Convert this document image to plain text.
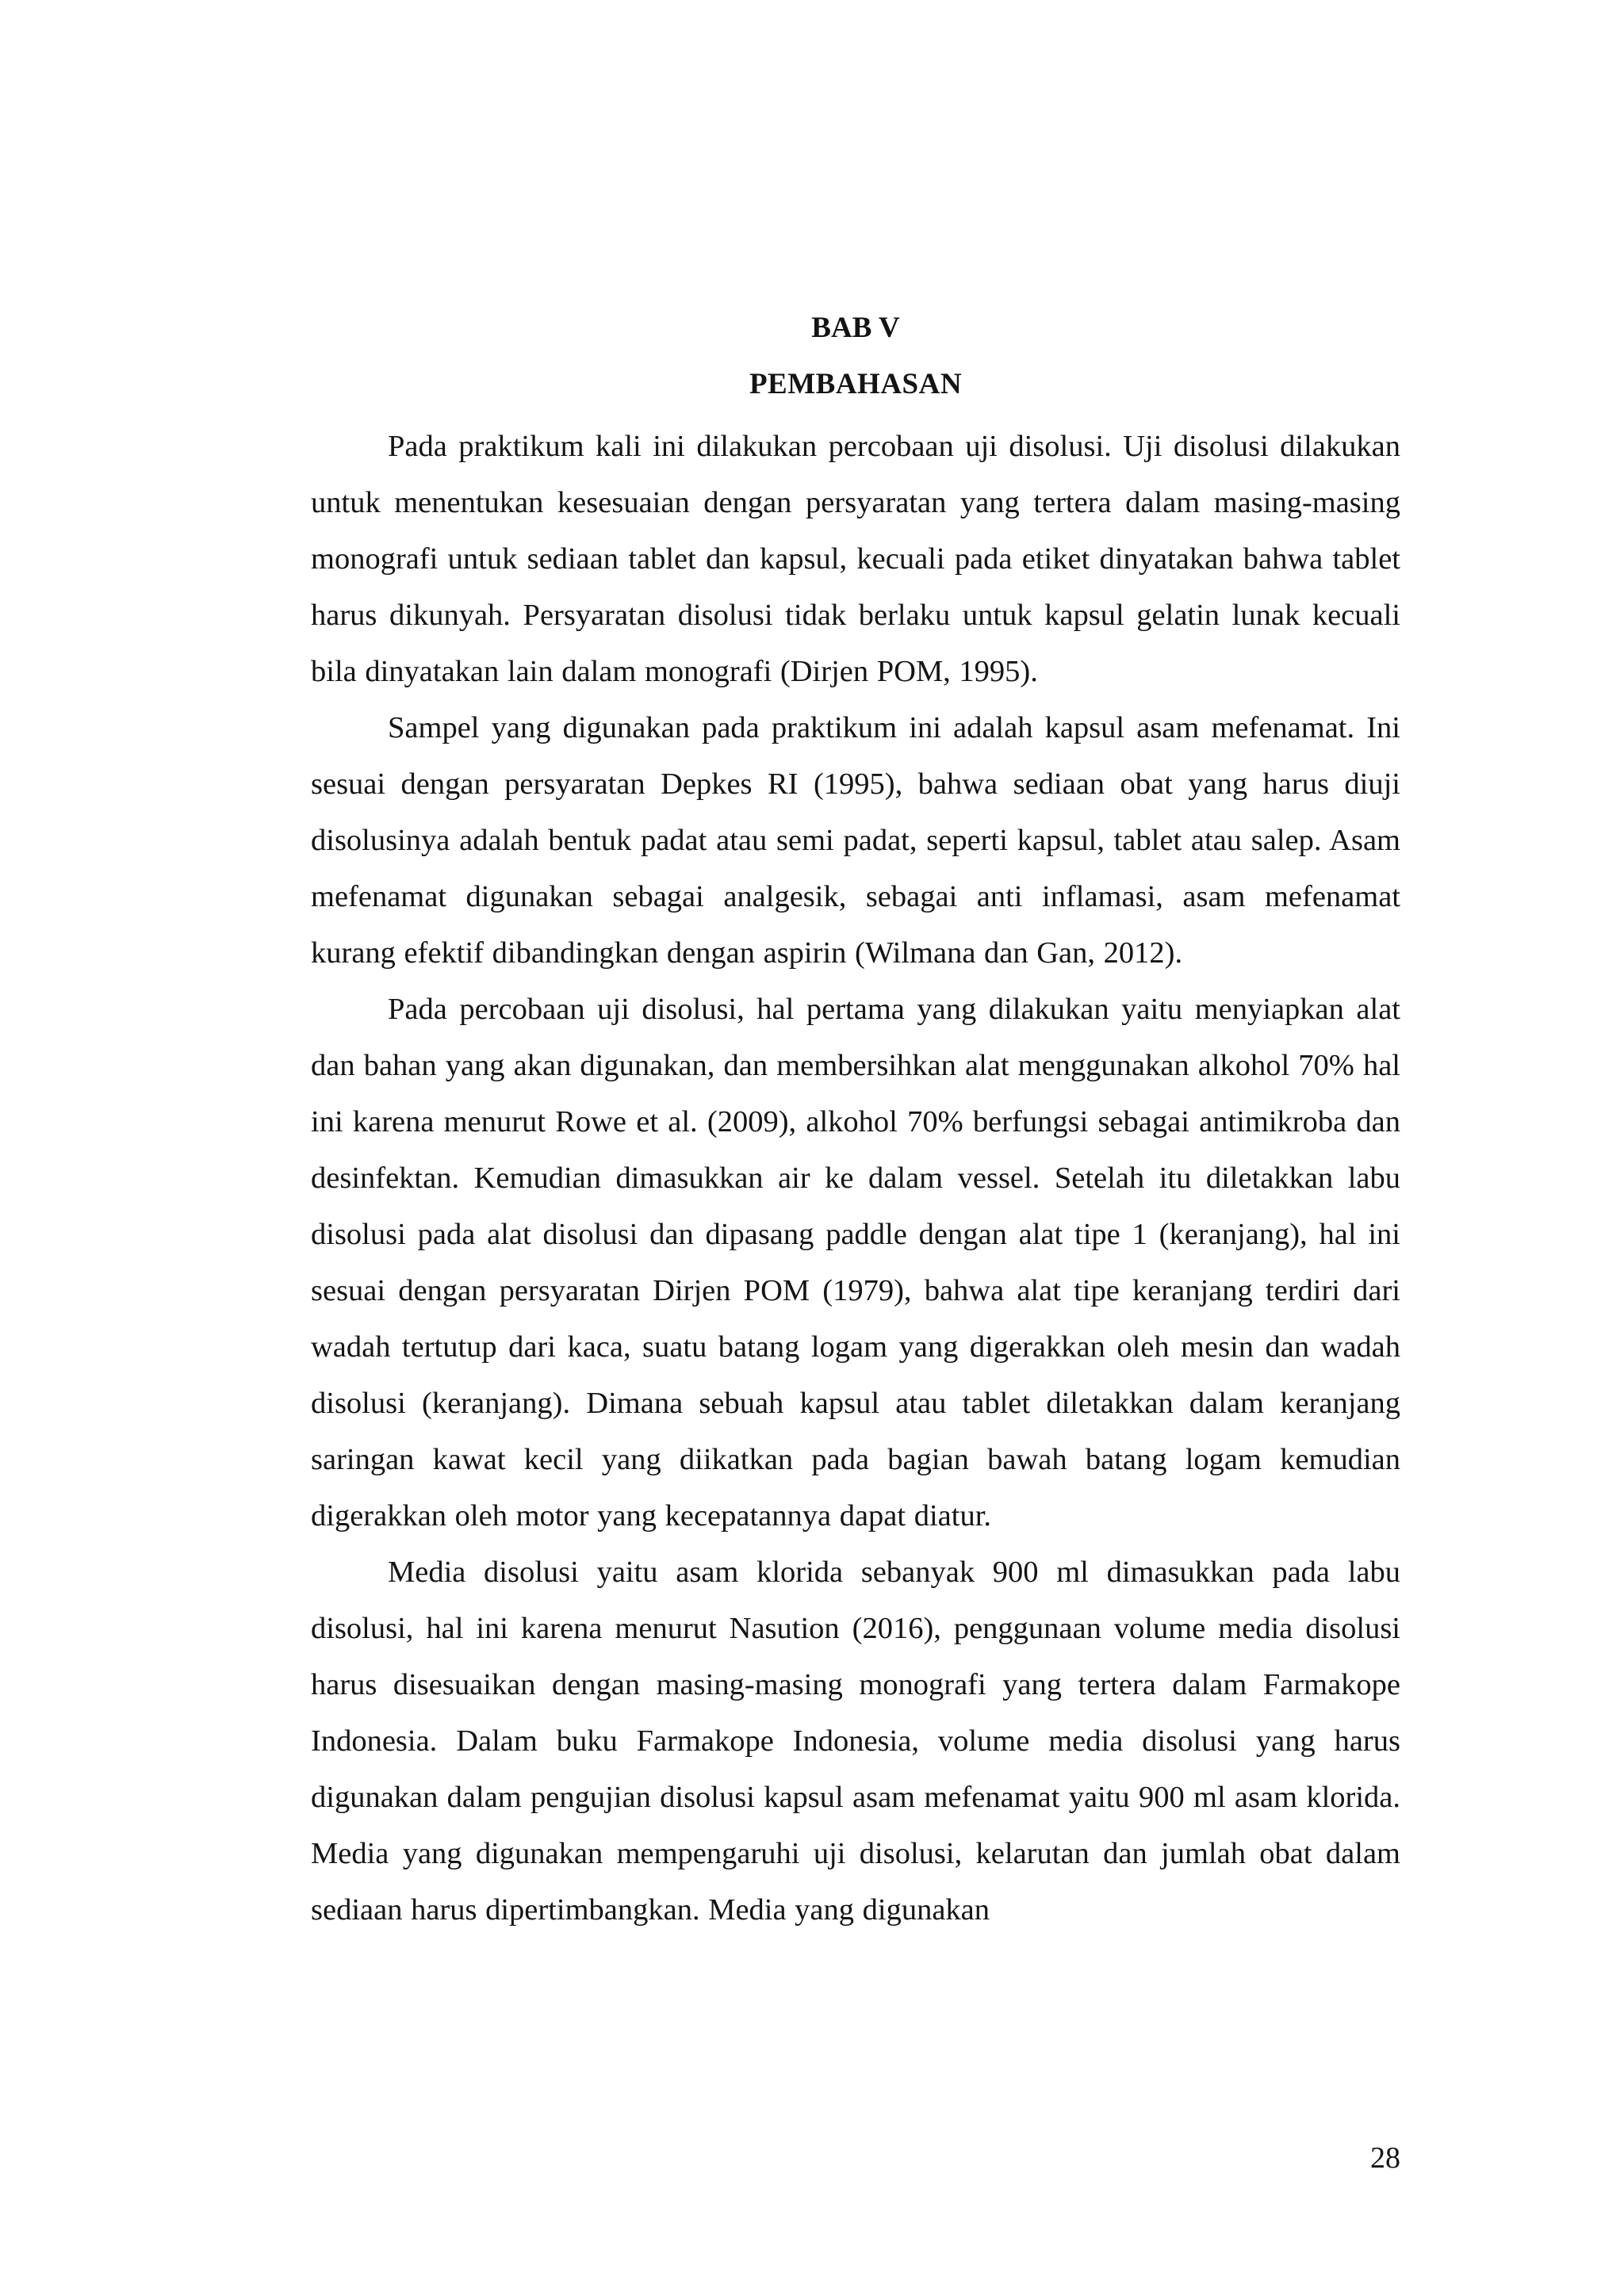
BAB V
PEMBAHASAN

Pada praktikum kali ini dilakukan percobaan uji disolusi. Uji disolusi dilakukan untuk menentukan kesesuaian dengan persyaratan yang tertera dalam masing-masing monografi untuk sediaan tablet dan kapsul, kecuali pada etiket dinyatakan bahwa tablet harus dikunyah. Persyaratan disolusi tidak berlaku untuk kapsul gelatin lunak kecuali bila dinyatakan lain dalam monografi (Dirjen POM, 1995).

Sampel yang digunakan pada praktikum ini adalah kapsul asam mefenamat. Ini sesuai dengan persyaratan Depkes RI (1995), bahwa sediaan obat yang harus diuji disolusinya adalah bentuk padat atau semi padat, seperti kapsul, tablet atau salep. Asam mefenamat digunakan sebagai analgesik, sebagai anti inflamasi, asam mefenamat kurang efektif dibandingkan dengan aspirin (Wilmana dan Gan, 2012).

Pada percobaan uji disolusi, hal pertama yang dilakukan yaitu menyiapkan alat dan bahan yang akan digunakan, dan membersihkan alat menggunakan alkohol 70% hal ini karena menurut Rowe et al. (2009), alkohol 70% berfungsi sebagai antimikroba dan desinfektan. Kemudian dimasukkan air ke dalam vessel. Setelah itu diletakkan labu disolusi pada alat disolusi dan dipasang paddle dengan alat tipe 1 (keranjang), hal ini sesuai dengan persyaratan Dirjen POM (1979), bahwa alat tipe keranjang terdiri dari wadah tertutup dari kaca, suatu batang logam yang digerakkan oleh mesin dan wadah disolusi (keranjang). Dimana sebuah kapsul atau tablet diletakkan dalam keranjang saringan kawat kecil yang diikatkan pada bagian bawah batang logam kemudian digerakkan oleh motor yang kecepatannya dapat diatur.

Media disolusi yaitu asam klorida sebanyak 900 ml dimasukkan pada labu disolusi, hal ini karena menurut Nasution (2016), penggunaan volume media disolusi harus disesuaikan dengan masing-masing monografi yang tertera dalam Farmakope Indonesia. Dalam buku Farmakope Indonesia, volume media disolusi yang harus digunakan dalam pengujian disolusi kapsul asam mefenamat yaitu 900 ml asam klorida. Media yang digunakan mempengaruhi uji disolusi, kelarutan dan jumlah obat dalam sediaan harus dipertimbangkan. Media yang digunakan

28
